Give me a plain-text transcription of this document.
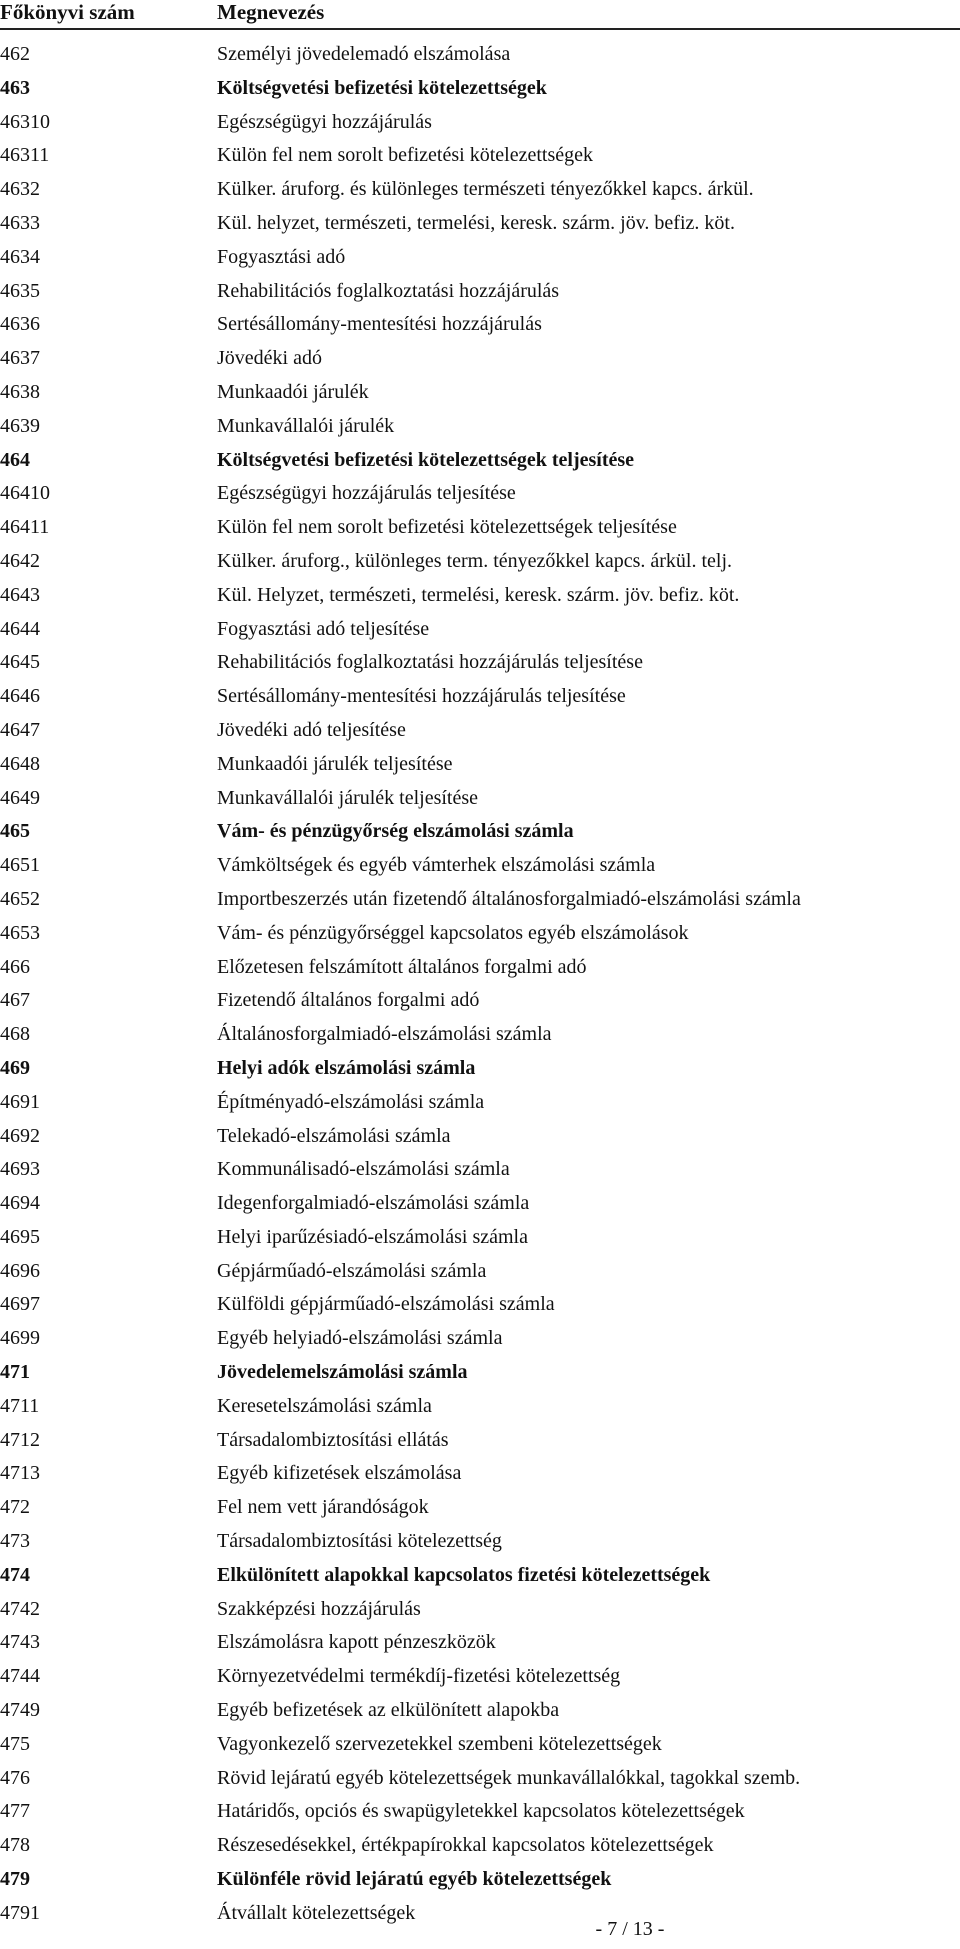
Főkönyvi szám	Megnevezés
462	Személyi jövedelemadó elszámolása
463	Költségvetési befizetési kötelezettségek
46310	Egészségügyi hozzájárulás
46311	Külön fel nem sorolt befizetési kötelezettségek
4632	Külker. áruforg. és különleges természeti tényezőkkel kapcs. árkül.
4633	Kül. helyzet, természeti, termelési, keresk. szárm. jöv. befiz. köt.
4634	Fogyasztási adó
4635	Rehabilitációs foglalkoztatási hozzájárulás
4636	Sertésállomány-mentesítési hozzájárulás
4637	Jövedéki adó
4638	Munkaadói járulék
4639	Munkavállalói járulék
464	Költségvetési befizetési kötelezettségek teljesítése
46410	Egészségügyi hozzájárulás teljesítése
46411	Külön fel nem sorolt befizetési kötelezettségek teljesítése
4642	Külker. áruforg., különleges term. tényezőkkel kapcs. árkül. telj.
4643	Kül. Helyzet, természeti, termelési, keresk. szárm. jöv. befiz. köt.
4644	Fogyasztási adó teljesítése
4645	Rehabilitációs foglalkoztatási hozzájárulás teljesítése
4646	Sertésállomány-mentesítési hozzájárulás teljesítése
4647	Jövedéki adó teljesítése
4648	Munkaadói járulék teljesítése
4649	Munkavállalói járulék teljesítése
465	Vám- és pénzügyőrség elszámolási számla
4651	Vámköltségek és egyéb vámterhek elszámolási számla
4652	Importbeszerzés után fizetendő általánosforgalmiadó-elszámolási számla
4653	Vám- és pénzügyőrséggel kapcsolatos egyéb elszámolások
466	Előzetesen felszámított általános forgalmi adó
467	Fizetendő általános forgalmi adó
468	Általánosforgalmiadó-elszámolási számla
469	Helyi adók elszámolási számla
4691	Építményadó-elszámolási számla
4692	Telekadó-elszámolási számla
4693	Kommunálisadó-elszámolási számla
4694	Idegenforgalmiadó-elszámolási számla
4695	Helyi iparűzésiadó-elszámolási számla
4696	Gépjárműadó-elszámolási számla
4697	Külföldi gépjárműadó-elszámolási számla
4699	Egyéb helyiadó-elszámolási számla
471	Jövedelemelszámolási számla
4711	Keresetelszámolási számla
4712	Társadalombiztosítási ellátás
4713	Egyéb kifizetések elszámolása
472	Fel nem vett járandóságok
473	Társadalombiztosítási kötelezettség
474	Elkülönített alapokkal kapcsolatos fizetési kötelezettségek
4742	Szakképzési hozzájárulás
4743	Elszámolásra kapott pénzeszközök
4744	Környezetvédelmi termékdíj-fizetési kötelezettség
4749	Egyéb befizetések az elkülönített alapokba
475	Vagyonkezelő szervezetekkel szembeni kötelezettségek
476	Rövid lejáratú egyéb kötelezettségek munkavállalókkal, tagokkal szemb.
477	Határidős, opciós és swapügyletekkel kapcsolatos kötelezettségek
478	Részesedésekkel, értékpapírokkal kapcsolatos kötelezettségek
479	Különféle rövid lejáratú egyéb kötelezettségek
4791	Átvállalt kötelezettségek
- 7 / 13 -
